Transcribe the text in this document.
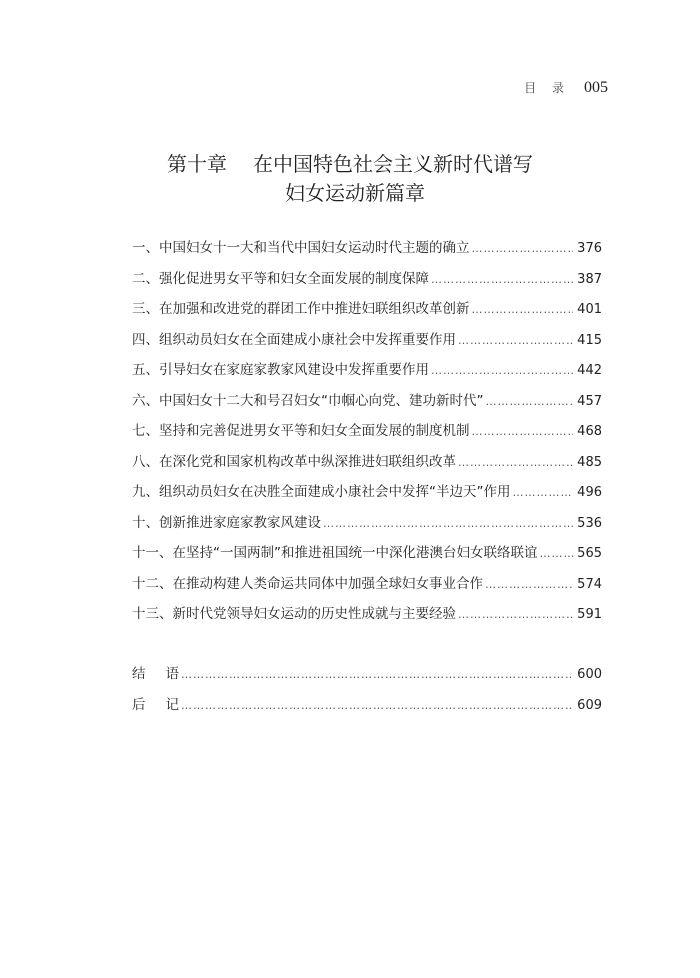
目 录 005
第十章 在中国特色社会主义新时代谱写
妇女运动新篇章
一、中国妇女十一大和当代中国妇女运动时代主题的确立 …………………………………………………………………………………………………………………………………………………………	376
二、强化促进男女平等和妇女全面发展的制度保障 …………………………………………………………………………………………………………………………………………………………	387
三、在加强和改进党的群团工作中推进妇联组织改革创新 …………………………………………………………………………………………………………………………………………………………	401
四、组织动员妇女在全面建成小康社会中发挥重要作用 …………………………………………………………………………………………………………………………………………………………	415
五、引导妇女在家庭家教家风建设中发挥重要作用 …………………………………………………………………………………………………………………………………………………………	442
六、中国妇女十二大和号召妇女“巾帼心向党、建功新时代” …………………………………………………………………………………………………………………………………………………………	457
七、坚持和完善促进男女平等和妇女全面发展的制度机制 …………………………………………………………………………………………………………………………………………………………	468
八、在深化党和国家机构改革中纵深推进妇联组织改革 …………………………………………………………………………………………………………………………………………………………	485
九、组织动员妇女在决胜全面建成小康社会中发挥“半边天”作用 …………………………………………………………………………………………………………………………………………………………	496
十、创新推进家庭家教家风建设 …………………………………………………………………………………………………………………………………………………………	536
十一、在坚持“一国两制”和推进祖国统一中深化港澳台妇女联络联谊 …………………………………………………………………………………………………………………………………………………………	565
十二、在推动构建人类命运共同体中加强全球妇女事业合作 …………………………………………………………………………………………………………………………………………………………	574
十三、新时代党领导妇女运动的历史性成就与主要经验 …………………………………………………………………………………………………………………………………………………………	591
结语 …………………………………………………………………………………………………………………………………………………………	600
后记 …………………………………………………………………………………………………………………………………………………………	609
